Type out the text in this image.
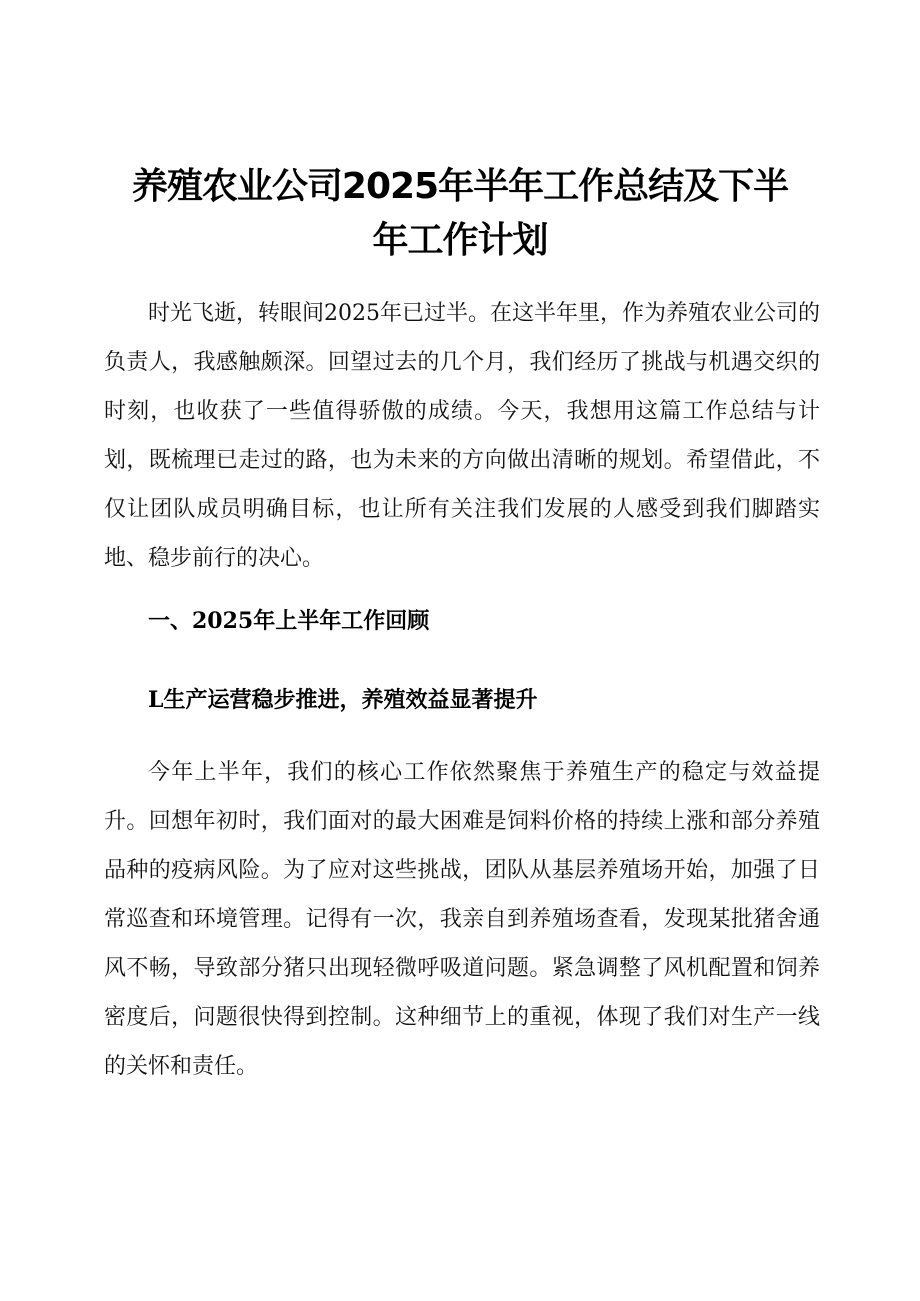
养殖农业公司2025年半年工作总结及下半
年工作计划

时光飞逝，转眼间2025年已过半。在这半年里，作为养殖农业公司的负责人，我感触颇深。回望过去的几个月，我们经历了挑战与机遇交织的时刻，也收获了一些值得骄傲的成绩。今天，我想用这篇工作总结与计划，既梳理已走过的路，也为未来的方向做出清晰的规划。希望借此，不仅让团队成员明确目标，也让所有关注我们发展的人感受到我们脚踏实地、稳步前行的决心。

一、2025年上半年工作回顾
L生产运营稳步推进，养殖效益显著提升

今年上半年，我们的核心工作依然聚焦于养殖生产的稳定与效益提升。回想年初时，我们面对的最大困难是饲料价格的持续上涨和部分养殖品种的疫病风险。为了应对这些挑战，团队从基层养殖场开始，加强了日常巡查和环境管理。记得有一次，我亲自到养殖场查看，发现某批猪舍通风不畅，导致部分猪只出现轻微呼吸道问题。紧急调整了风机配置和饲养密度后，问题很快得到控制。这种细节上的重视，体现了我们对生产一线的关怀和责任。
